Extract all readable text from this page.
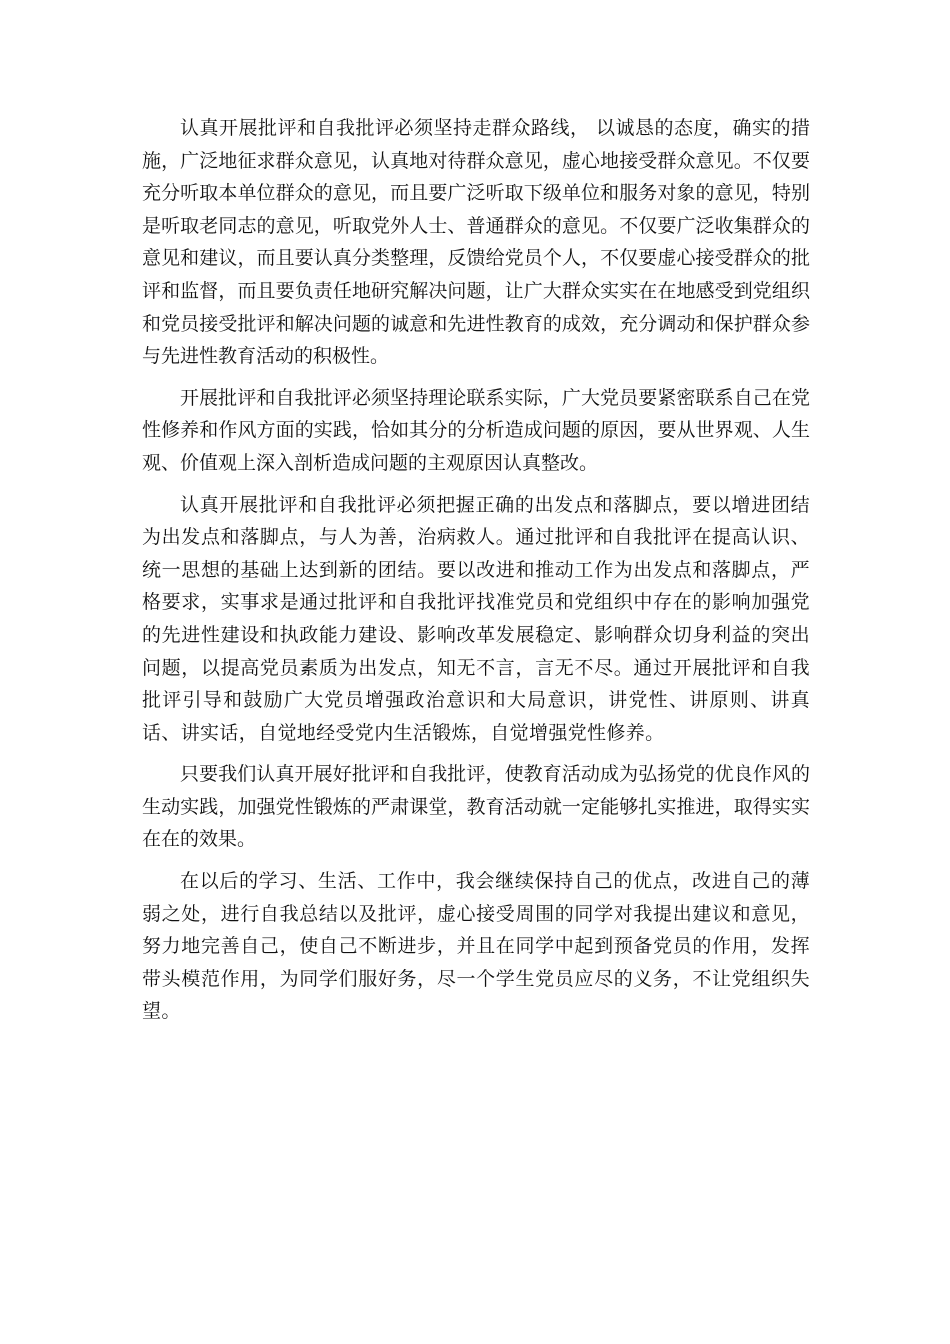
认真开展批评和自我批评必须坚持走群众路线， 以诚恳的态度，确实的措施，广泛地征求群众意见，认真地对待群众意见，虚心地接受群众意见。不仅要充分听取本单位群众的意见，而且要广泛听取下级单位和服务对象的意见，特别是听取老同志的意见，听取党外人士、普通群众的意见。不仅要广泛收集群众的意见和建议，而且要认真分类整理，反馈给党员个人，不仅要虚心接受群众的批评和监督，而且要负责任地研究解决问题，让广大群众实实在在地感受到党组织和党员接受批评和解决问题的诚意和先进性教育的成效，充分调动和保护群众参与先进性教育活动的积极性。

开展批评和自我批评必须坚持理论联系实际，广大党员要紧密联系自己在党性修养和作风方面的实践，恰如其分的分析造成问题的原因，要从世界观、人生观、价值观上深入剖析造成问题的主观原因认真整改。

认真开展批评和自我批评必须把握正确的出发点和落脚点，要以增进团结为出发点和落脚点，与人为善，治病救人。通过批评和自我批评在提高认识、统一思想的基础上达到新的团结。要以改进和推动工作为出发点和落脚点，严格要求，实事求是通过批评和自我批评找准党员和党组织中存在的影响加强党的先进性建设和执政能力建设、影响改革发展稳定、影响群众切身利益的突出问题，以提高党员素质为出发点，知无不言，言无不尽。通过开展批评和自我批评引导和鼓励广大党员增强政治意识和大局意识，讲党性、讲原则、讲真话、讲实话，自觉地经受党内生活锻炼，自觉增强党性修养。

只要我们认真开展好批评和自我批评，使教育活动成为弘扬党的优良作风的生动实践，加强党性锻炼的严肃课堂，教育活动就一定能够扎实推进，取得实实在在的效果。

在以后的学习、生活、工作中，我会继续保持自己的优点，改进自己的薄弱之处，进行自我总结以及批评，虚心接受周围的同学对我提出建议和意见，努力地完善自己，使自己不断进步，并且在同学中起到预备党员的作用，发挥带头模范作用，为同学们服好务，尽一个学生党员应尽的义务，不让党组织失望。
